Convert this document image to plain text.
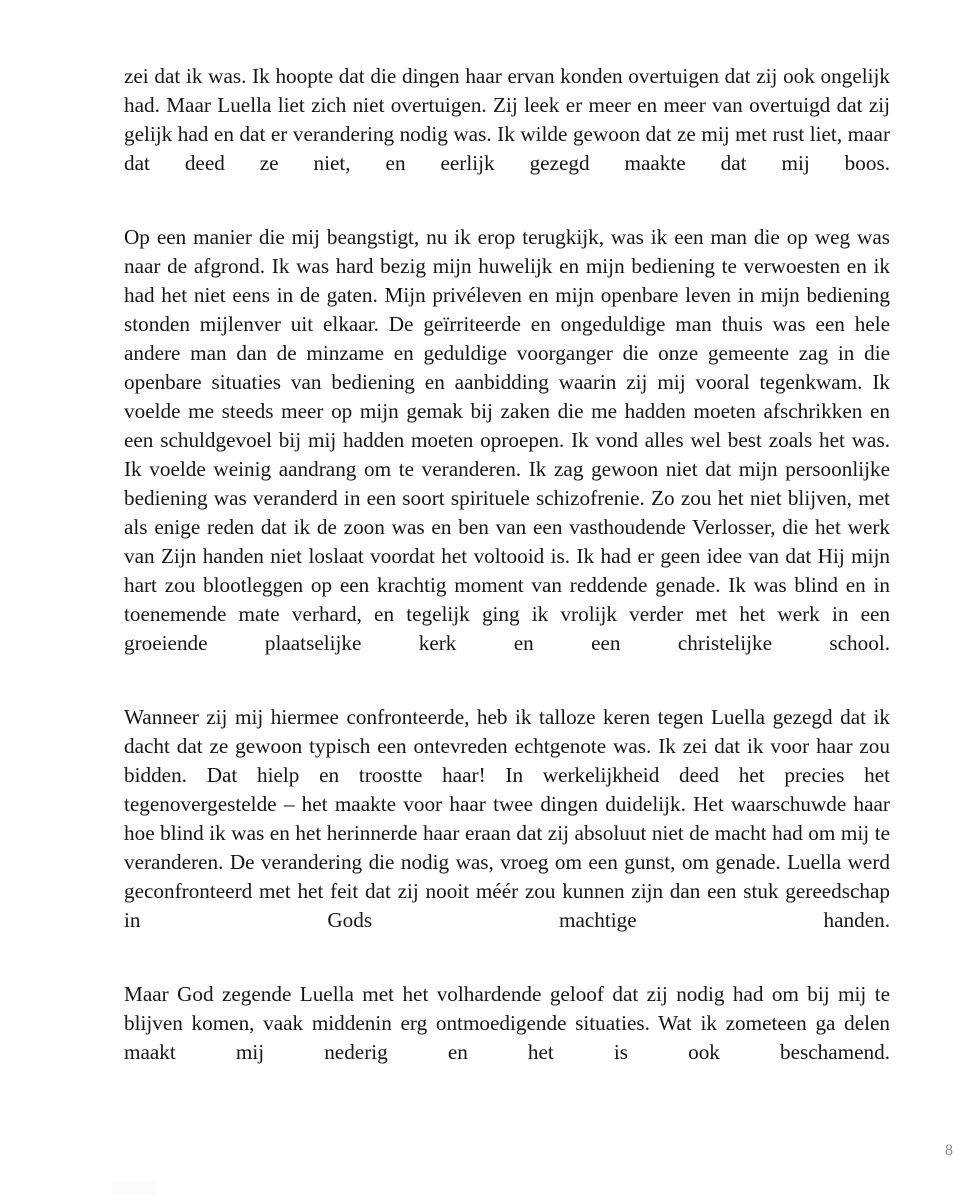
zei dat ik was. Ik hoopte dat die dingen haar ervan konden overtuigen dat zij ook ongelijk had. Maar Luella liet zich niet overtuigen. Zij leek er meer en meer van overtuigd dat zij gelijk had en dat er verandering nodig was. Ik wilde gewoon dat ze mij met rust liet, maar dat deed ze niet, en eerlijk gezegd maakte dat mij boos.

Op een manier die mij beangstigt, nu ik erop terugkijk, was ik een man die op weg was naar de afgrond. Ik was hard bezig mijn huwelijk en mijn bediening te verwoesten en ik had het niet eens in de gaten. Mijn privéleven en mijn openbare leven in mijn bediening stonden mijlenver uit elkaar. De geïrriteerde en ongeduldige man thuis was een hele andere man dan de minzame en geduldige voorganger die onze gemeente zag in die openbare situaties van bediening en aanbidding waarin zij mij vooral tegenkwam. Ik voelde me steeds meer op mijn gemak bij zaken die me hadden moeten afschrikken en een schuldgevoel bij mij hadden moeten oproepen. Ik vond alles wel best zoals het was. Ik voelde weinig aandrang om te veranderen. Ik zag gewoon niet dat mijn persoonlijke bediening was veranderd in een soort spirituele schizofrenie. Zo zou het niet blijven, met als enige reden dat ik de zoon was en ben van een vasthoudende Verlosser, die het werk van Zijn handen niet loslaat voordat het voltooid is. Ik had er geen idee van dat Hij mijn hart zou blootleggen op een krachtig moment van reddende genade. Ik was blind en in toenemende mate verhard, en tegelijk ging ik vrolijk verder met het werk in een groeiende plaatselijke kerk en een christelijke school.

Wanneer zij mij hiermee confronteerde, heb ik talloze keren tegen Luella gezegd dat ik dacht dat ze gewoon typisch een ontevreden echtgenote was. Ik zei dat ik voor haar zou bidden. Dat hielp en troostte haar! In werkelijkheid deed het precies het tegenovergestelde – het maakte voor haar twee dingen duidelijk. Het waarschuwde haar hoe blind ik was en het herinnerde haar eraan dat zij absoluut niet de macht had om mij te veranderen. De verandering die nodig was, vroeg om een gunst, om genade. Luella werd geconfronteerd met het feit dat zij nooit méér zou kunnen zijn dan een stuk gereedschap in Gods machtige handen.

Maar God zegende Luella met het volhardende geloof dat zij nodig had om bij mij te blijven komen, vaak middenin erg ontmoedigende situaties. Wat ik zometeen ga delen maakt mij nederig en het is ook beschamend.

8
